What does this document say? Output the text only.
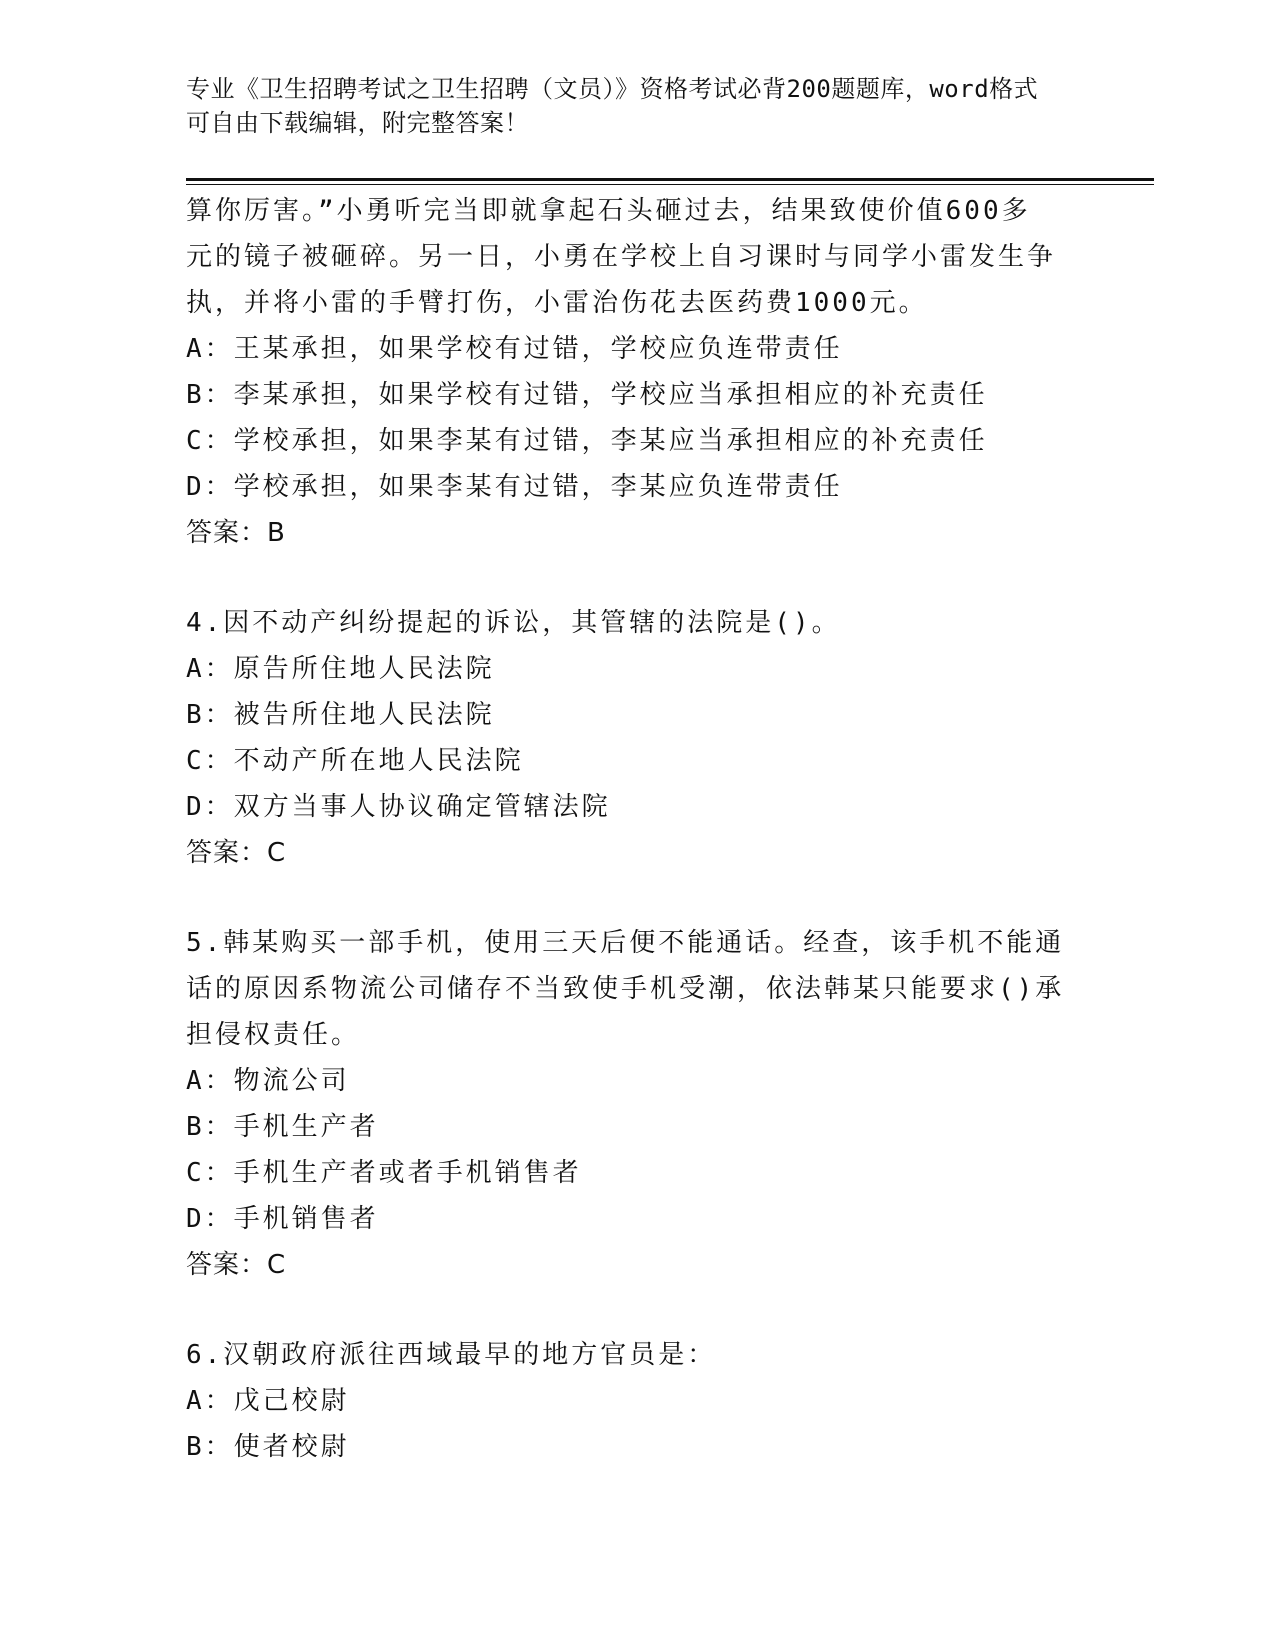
专业《卫生招聘考试之卫生招聘（文员）》资格考试必背200题题库，word格式
可自由下载编辑，附完整答案！
算你厉害。”小勇听完当即就拿起石头砸过去，结果致使价值600多
元的镜子被砸碎。另一日，小勇在学校上自习课时与同学小雷发生争
执，并将小雷的手臂打伤，小雷治伤花去医药费1000元。
A：王某承担，如果学校有过错，学校应负连带责任
B：李某承担，如果学校有过错，学校应当承担相应的补充责任
C：学校承担，如果李某有过错，李某应当承担相应的补充责任
D：学校承担，如果李某有过错，李某应负连带责任
答案：B
4.因不动产纠纷提起的诉讼，其管辖的法院是()。
A：原告所住地人民法院
B：被告所住地人民法院
C：不动产所在地人民法院
D：双方当事人协议确定管辖法院
答案：C
5.韩某购买一部手机，使用三天后便不能通话。经查，该手机不能通
话的原因系物流公司储存不当致使手机受潮，依法韩某只能要求()承
担侵权责任。
A：物流公司
B：手机生产者
C：手机生产者或者手机销售者
D：手机销售者
答案：C
6.汉朝政府派往西域最早的地方官员是：
A：戊己校尉
B：使者校尉
